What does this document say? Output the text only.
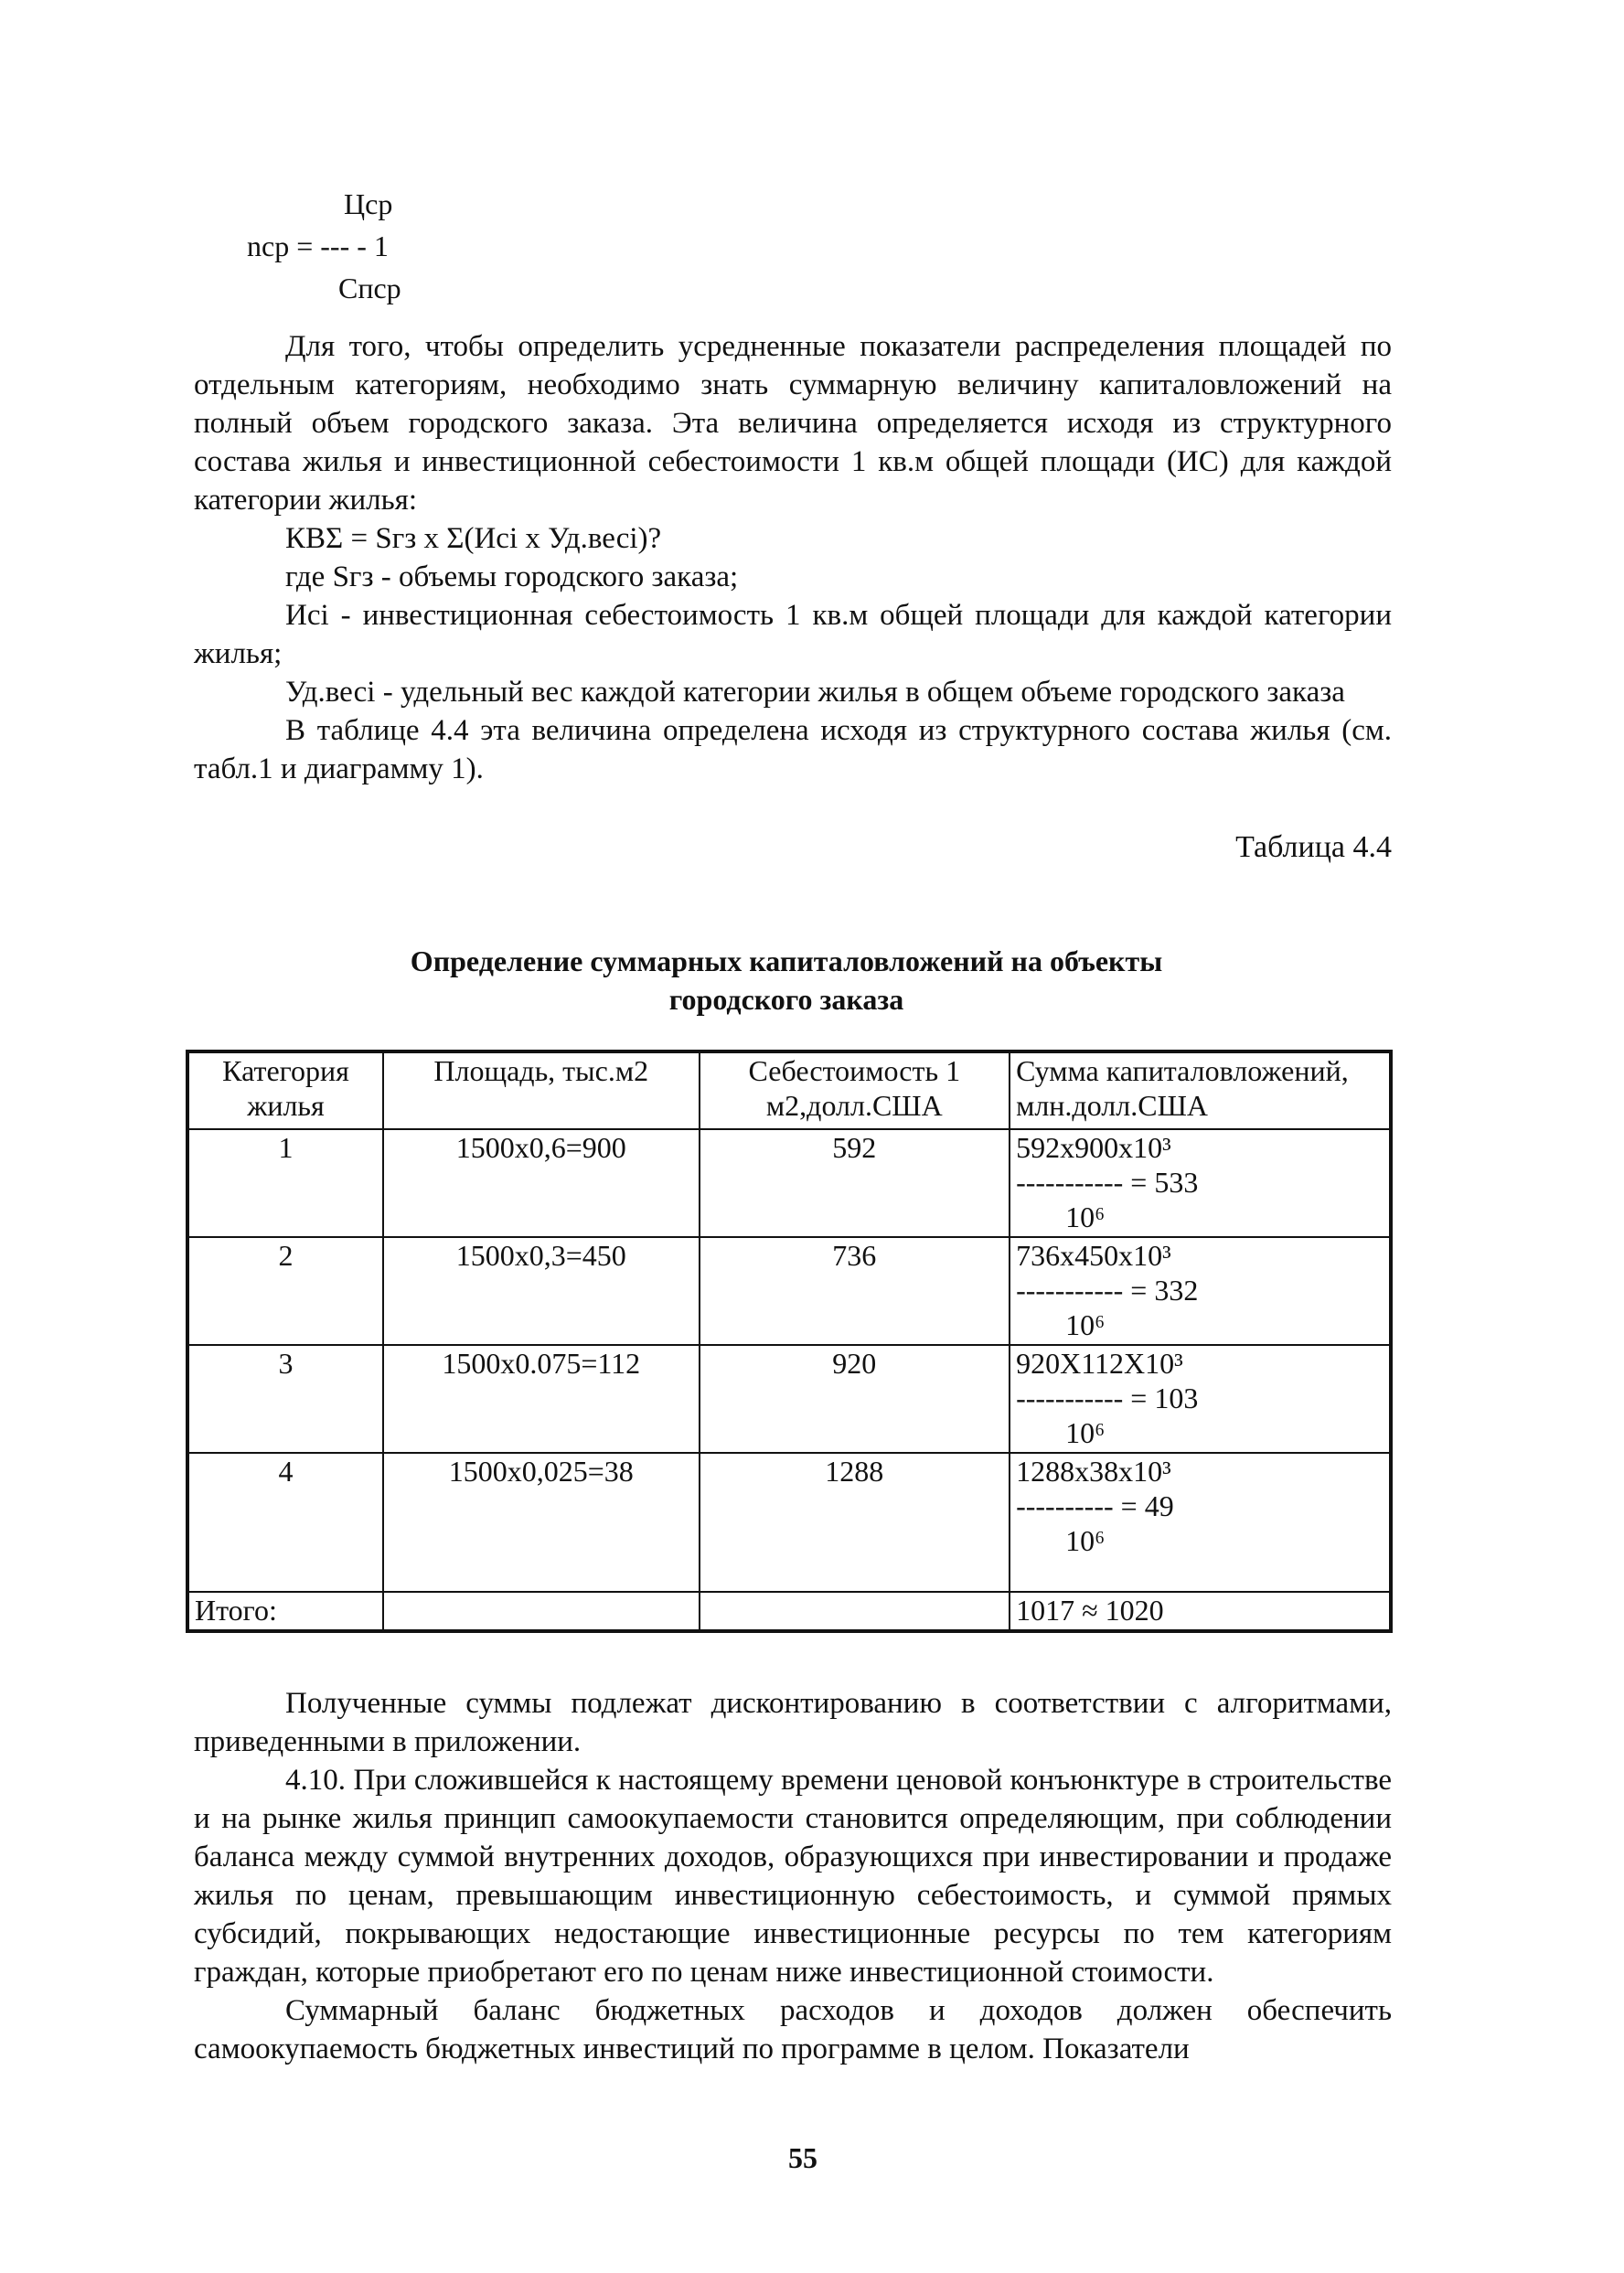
Цср
nср = --- - 1
Спср

Для того, чтобы определить усредненные показатели распределения площадей по отдельным категориям, необходимо знать суммарную величину капиталовложений на полный объем городского заказа. Эта величина определяется исходя из структурного состава жилья и инвестиционной себестоимости 1 кв.м общей площади (ИС) для каждой категории жилья:

КВΣ = Sгз x Σ(Исi x Уд.весi)?

где Sгз - объемы городского заказа;

Исi - инвестиционная себестоимость 1 кв.м общей площади для каждой категории жилья;

Уд.весi - удельный вес каждой категории жилья в общем объеме городского заказа

В таблице 4.4 эта величина определена исходя из структурного состава жилья (см. табл.1 и диаграмму 1).

Таблица 4.4
Определение суммарных капиталовложений на объекты
городского заказа
Категория жилья	Площадь, тыс.м2	Себестоимость 1 м2,долл.США	Сумма капиталовложений, млн.долл.США
1	1500x0,6=900	592	592x900x10³
----------- = 533
10⁶

2	1500x0,3=450	736	736x450x10³
----------- = 332
10⁶

3	1500x0.075=112	920	920X112X10³
----------- = 103
10⁶

4	1500x0,025=38	1288	1288x38x10³
---------- = 49
10⁶

Итого:			1017 ≈ 1020

Полученные суммы подлежат дисконтированию в соответствии с алгоритмами, приведенными в приложении.

4.10. При сложившейся к настоящему времени ценовой конъюнктуре в строительстве и на рынке жилья принцип самоокупаемости становится определяющим, при соблюдении баланса между суммой внутренних доходов, образующихся при инвестировании и продаже жилья по ценам, превышающим инвестиционную себестоимость, и суммой прямых субсидий, покрывающих недостающие инвестиционные ресурсы по тем категориям граждан, которые приобретают его по ценам ниже инвестиционной стоимости.

Суммарный баланс бюджетных расходов и доходов должен обеспечить самоокупаемость бюджетных инвестиций по программе в целом. Показатели

55
